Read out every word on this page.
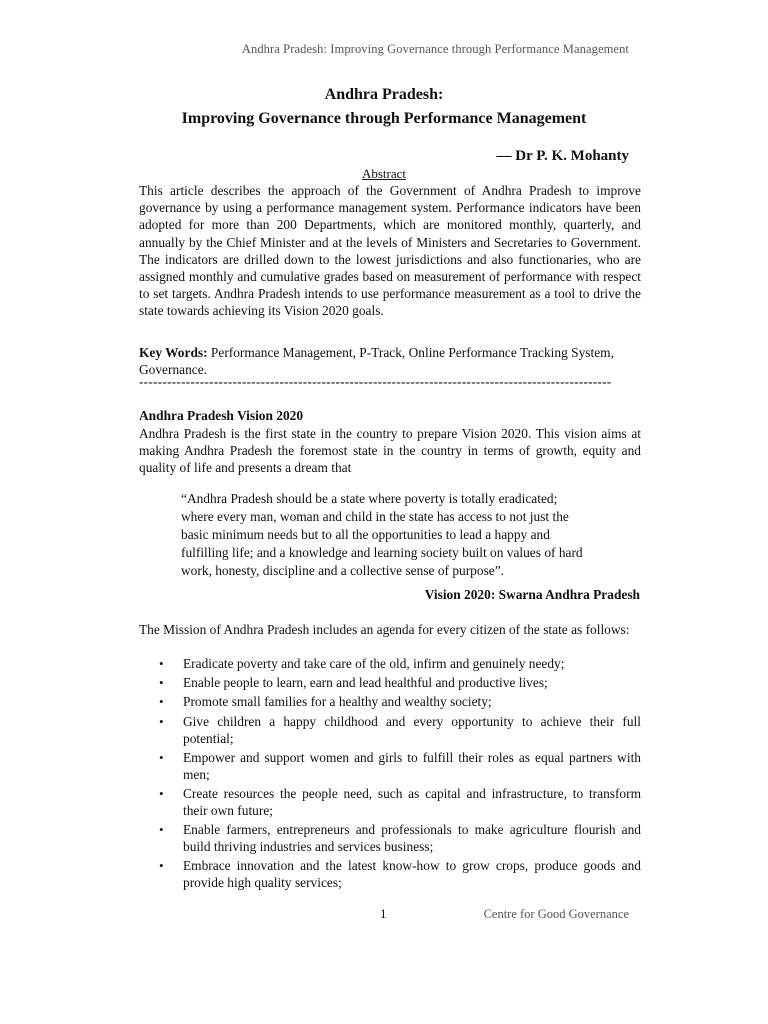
Andhra Pradesh: Improving Governance through Performance Management
Andhra Pradesh:
Improving Governance through Performance Management
— Dr P. K. Mohanty
Abstract
This article describes the approach of the Government of Andhra Pradesh to improve governance by using a performance management system. Performance indicators have been adopted for more than 200 Departments, which are monitored monthly, quarterly, and annually by the Chief Minister and at the levels of Ministers and Secretaries to Government. The indicators are drilled down to the lowest jurisdictions and also functionaries, who are assigned monthly and cumulative grades based on measurement of performance with respect to set targets. Andhra Pradesh intends to use performance measurement as a tool to drive the state towards achieving its Vision 2020 goals.
Key Words: Performance Management, P-Track, Online Performance Tracking System, Governance.
-----------------------------------------------------------------------------------------------------
Andhra Pradesh Vision 2020
Andhra Pradesh is the first state in the country to prepare Vision 2020. This vision aims at making Andhra Pradesh the foremost state in the country in terms of growth, equity and quality of life and presents a dream that
“Andhra Pradesh should be a state where poverty is totally eradicated; where every man, woman and child in the state has access to not just the basic minimum needs but to all the opportunities to lead a happy and fulfilling life; and a knowledge and learning society built on values of hard work, honesty, discipline and a collective sense of purpose”.
Vision 2020: Swarna Andhra Pradesh
The Mission of Andhra Pradesh includes an agenda for every citizen of the state as follows:
• Eradicate poverty and take care of the old, infirm and genuinely needy;
• Enable people to learn, earn and lead healthful and productive lives;
• Promote small families for a healthy and wealthy society;
• Give children a happy childhood and every opportunity to achieve their full potential;
• Empower and support women and girls to fulfill their roles as equal partners with men;
• Create resources the people need, such as capital and infrastructure, to transform their own future;
• Enable farmers, entrepreneurs and professionals to make agriculture flourish and build thriving industries and services business;
• Embrace innovation and the latest know-how to grow crops, produce goods and provide high quality services;
1	Centre for Good Governance
